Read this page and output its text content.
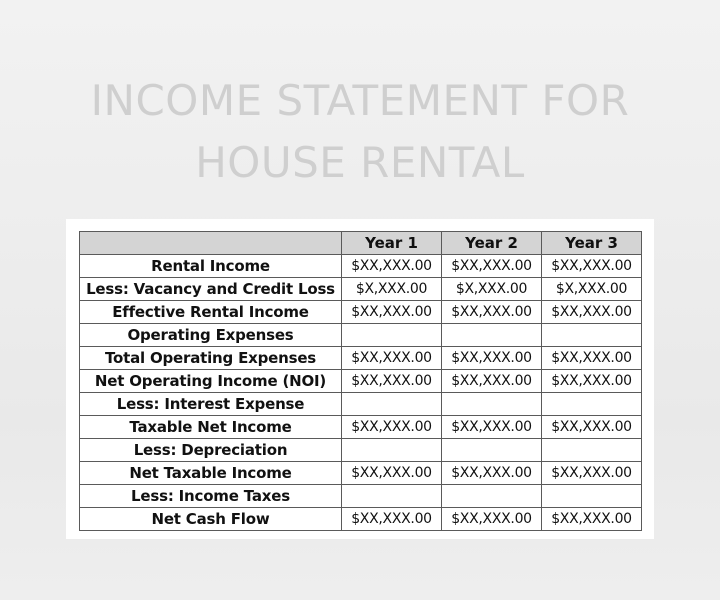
INCOME STATEMENT FOR
HOUSE RENTAL
	Year 1	Year 2	Year 3
Rental Income	$XX,XXX.00	$XX,XXX.00	$XX,XXX.00
Less: Vacancy and Credit Loss	$X,XXX.00	$X,XXX.00	$X,XXX.00
Effective Rental Income	$XX,XXX.00	$XX,XXX.00	$XX,XXX.00
Operating Expenses			
Total Operating Expenses	$XX,XXX.00	$XX,XXX.00	$XX,XXX.00
Net Operating Income (NOI)	$XX,XXX.00	$XX,XXX.00	$XX,XXX.00
Less: Interest Expense			
Taxable Net Income	$XX,XXX.00	$XX,XXX.00	$XX,XXX.00
Less: Depreciation			
Net Taxable Income	$XX,XXX.00	$XX,XXX.00	$XX,XXX.00
Less: Income Taxes			
Net Cash Flow	$XX,XXX.00	$XX,XXX.00	$XX,XXX.00
